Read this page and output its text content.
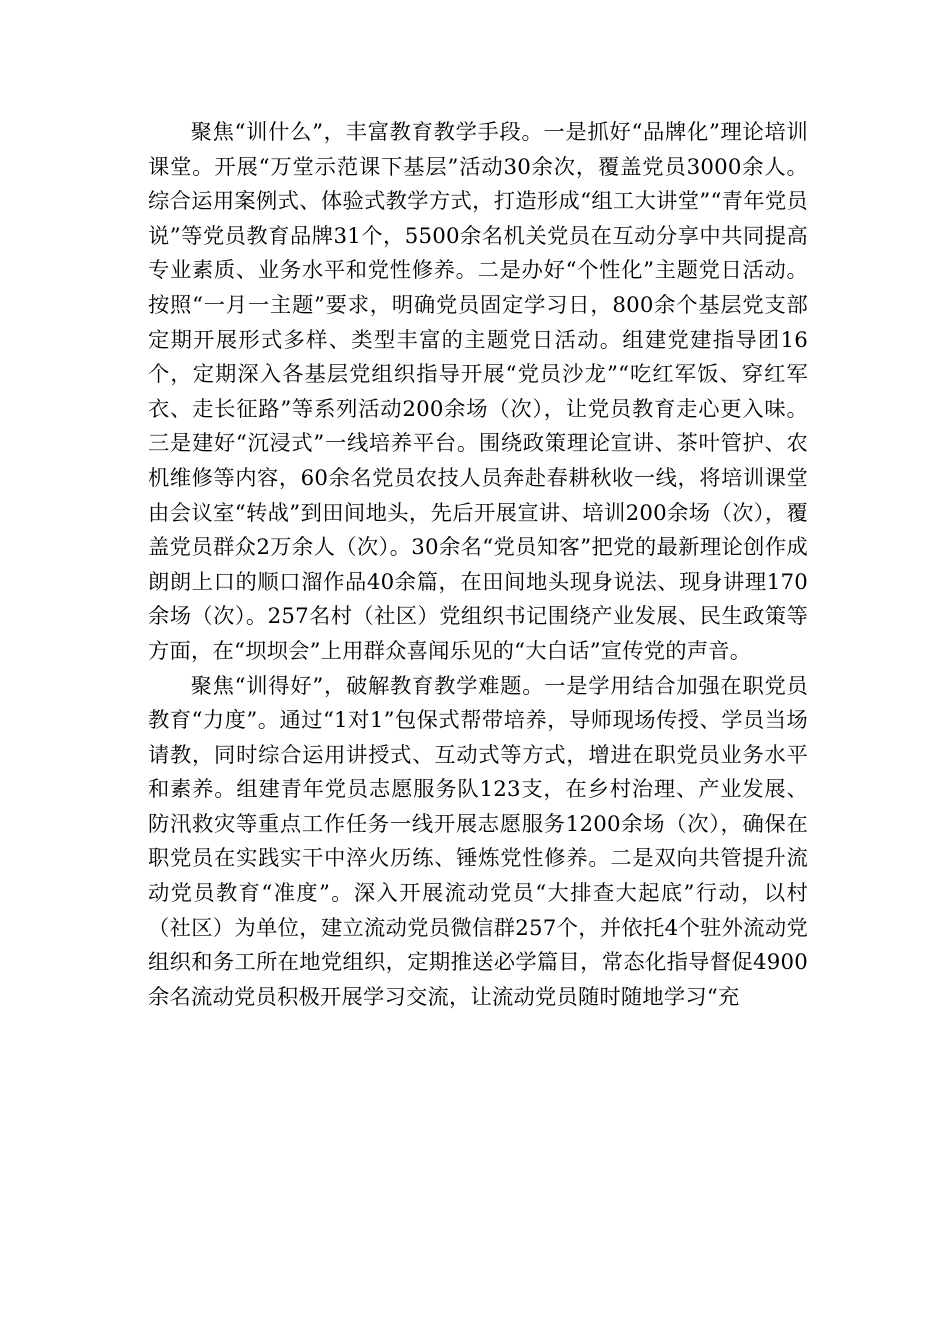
聚焦“训什么”，丰富教育教学手段。一是抓好“品牌化”理论培训课堂。开展“万堂示范课下基层”活动30余次，覆盖党员3000余人。综合运用案例式、体验式教学方式，打造形成“组工大讲堂”“青年党员说”等党员教育品牌31个，5500余名机关党员在互动分享中共同提高专业素质、业务水平和党性修养。二是办好“个性化”主题党日活动。按照“一月一主题”要求，明确党员固定学习日，800余个基层党支部定期开展形式多样、类型丰富的主题党日活动。组建党建指导团16个，定期深入各基层党组织指导开展“党员沙龙”“吃红军饭、穿红军衣、走长征路”等系列活动200余场（次），让党员教育走心更入味。三是建好“沉浸式”一线培养平台。围绕政策理论宣讲、茶叶管护、农机维修等内容，60余名党员农技人员奔赴春耕秋收一线，将培训课堂由会议室“转战”到田间地头，先后开展宣讲、培训200余场（次），覆盖党员群众2万余人（次）。30余名“党员知客”把党的最新理论创作成朗朗上口的顺口溜作品40余篇，在田间地头现身说法、现身讲理170余场（次）。257名村（社区）党组织书记围绕产业发展、民生政策等方面，在“坝坝会”上用群众喜闻乐见的“大白话”宣传党的声音。

聚焦“训得好”，破解教育教学难题。一是学用结合加强在职党员教育“力度”。通过“1对1”包保式帮带培养，导师现场传授、学员当场请教，同时综合运用讲授式、互动式等方式，增进在职党员业务水平和素养。组建青年党员志愿服务队123支，在乡村治理、产业发展、防汛救灾等重点工作任务一线开展志愿服务1200余场（次），确保在职党员在实践实干中淬火历练、锤炼党性修养。二是双向共管提升流动党员教育“准度”。深入开展流动党员“大排查大起底”行动，以村（社区）为单位，建立流动党员微信群257个，并依托4个驻外流动党组织和务工所在地党组织，定期推送必学篇目，常态化指导督促4900余名流动党员积极开展学习交流，让流动党员随时随地学习“充
